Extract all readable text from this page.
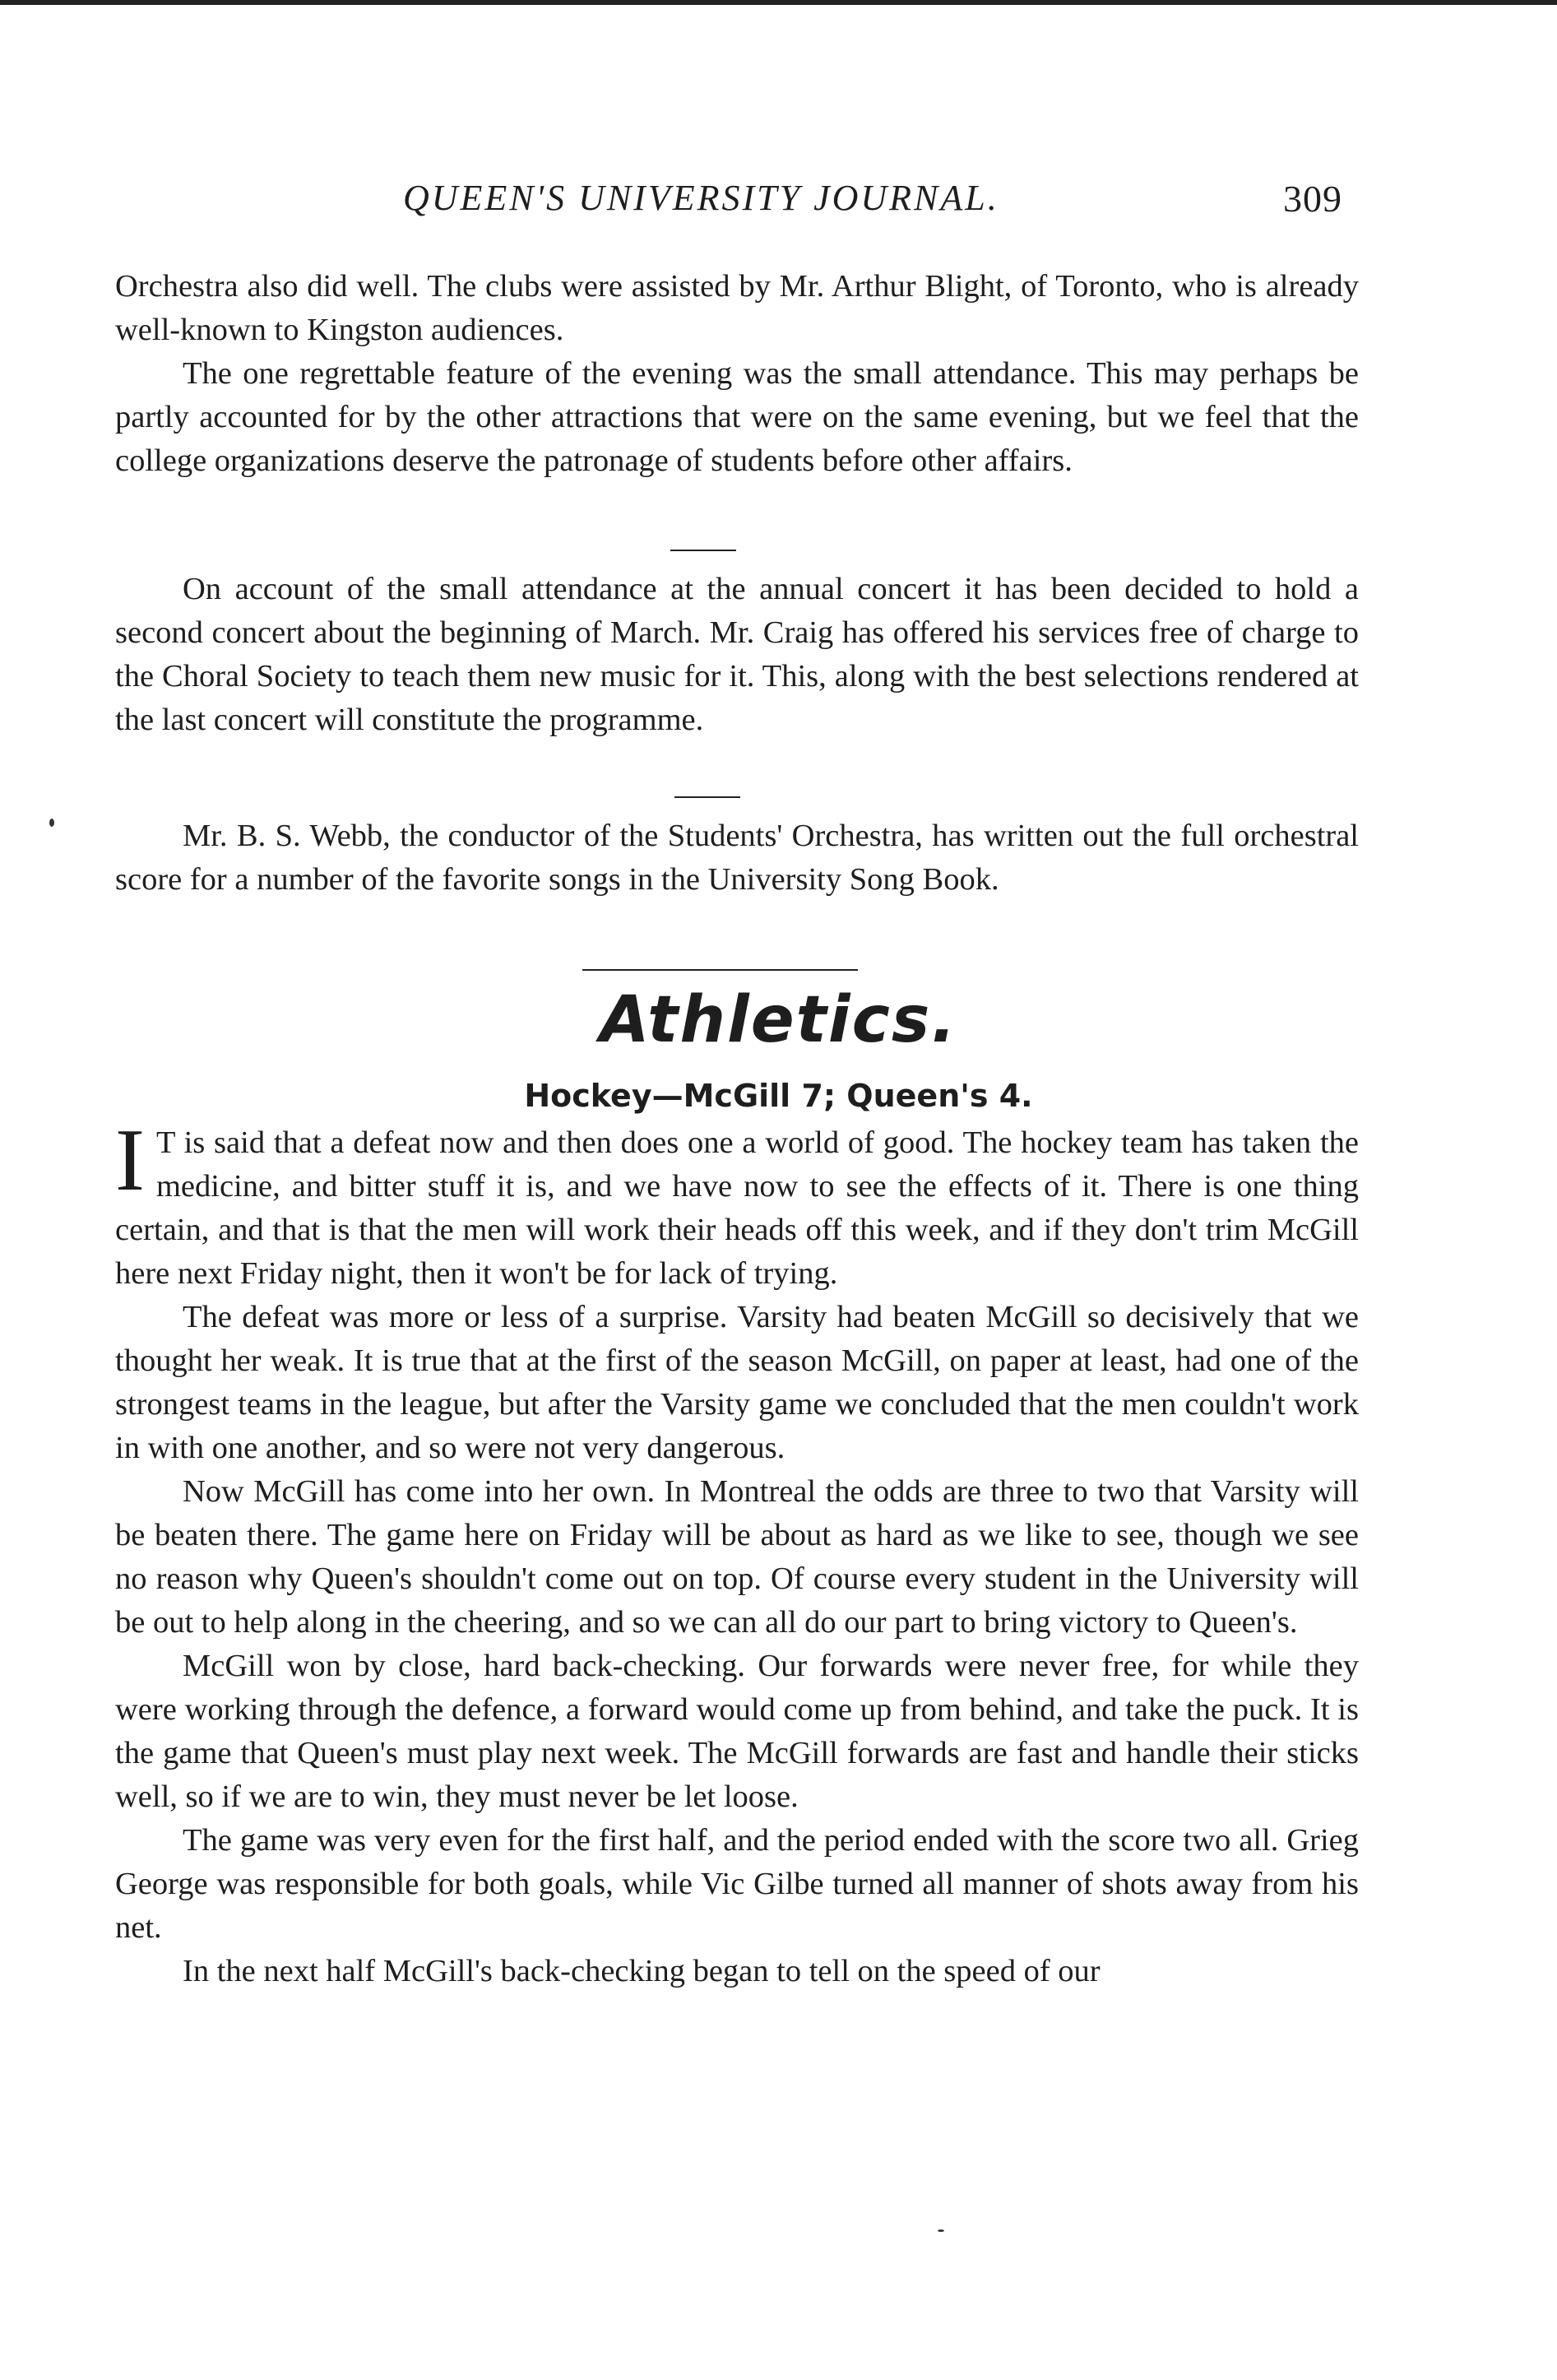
QUEEN'S UNIVERSITY JOURNAL.	309

Orchestra also did well. The clubs were assisted by Mr. Arthur Blight, of Toronto, who is already well-known to Kingston audiences.

The one regrettable feature of the evening was the small attendance. This may perhaps be partly accounted for by the other attractions that were on the same evening, but we feel that the college organizations deserve the patronage of students before other affairs.

On account of the small attendance at the annual concert it has been decided to hold a second concert about the beginning of March. Mr. Craig has offered his services free of charge to the Choral Society to teach them new music for it. This, along with the best selections rendered at the last concert will constitute the programme.

Mr. B. S. Webb, the conductor of the Students' Orchestra, has written out the full orchestral score for a number of the favorite songs in the University Song Book.

Athletics.
Hockey—McGill 7; Queen's 4.

I T is said that a defeat now and then does one a world of good. The hockey team has taken the medicine, and bitter stuff it is, and we have now to see the effects of it. There is one thing certain, and that is that the men will work their heads off this week, and if they don't trim McGill here next Friday night, then it won't be for lack of trying.

The defeat was more or less of a surprise. Varsity had beaten McGill so decisively that we thought her weak. It is true that at the first of the season McGill, on paper at least, had one of the strongest teams in the league, but after the Varsity game we concluded that the men couldn't work in with one another, and so were not very dangerous.

Now McGill has come into her own. In Montreal the odds are three to two that Varsity will be beaten there. The game here on Friday will be about as hard as we like to see, though we see no reason why Queen's shouldn't come out on top. Of course every student in the University will be out to help along in the cheering, and so we can all do our part to bring victory to Queen's.

McGill won by close, hard back-checking. Our forwards were never free, for while they were working through the defence, a forward would come up from behind, and take the puck. It is the game that Queen's must play next week. The McGill forwards are fast and handle their sticks well, so if we are to win, they must never be let loose.

The game was very even for the first half, and the period ended with the score two all. Grieg George was responsible for both goals, while Vic Gilbe turned all manner of shots away from his net.

In the next half McGill's back-checking began to tell on the speed of our
